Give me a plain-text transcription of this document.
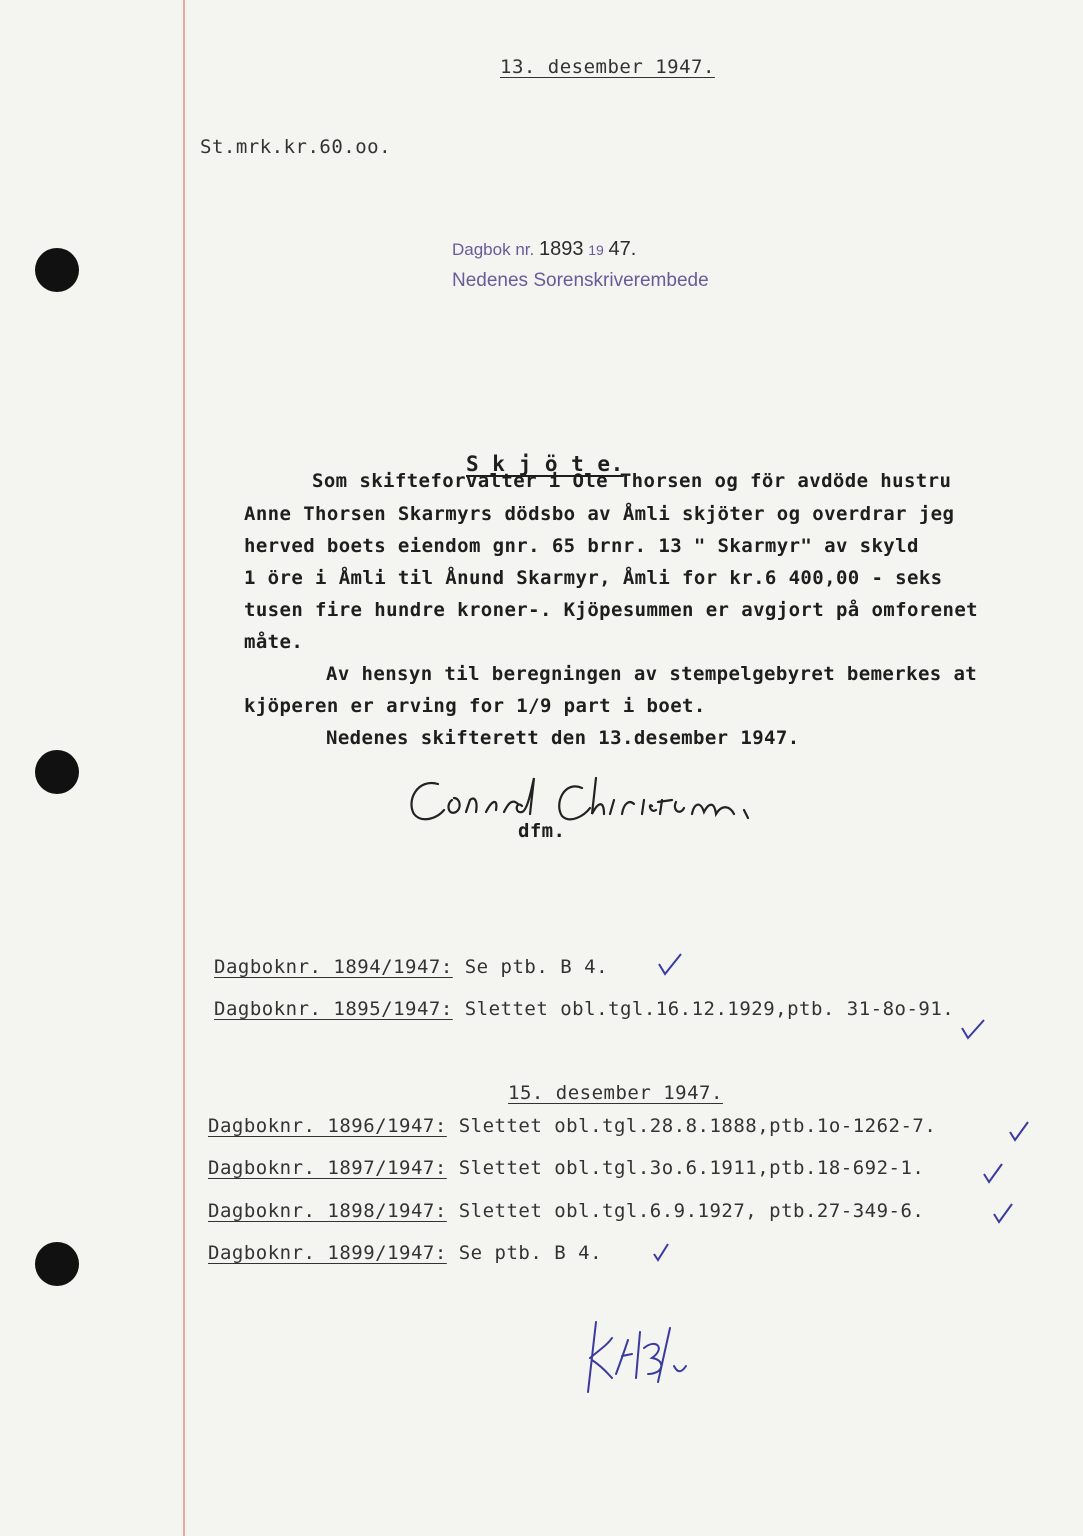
13. desember 1947.
St.mrk.kr.60.oo.
Dagbok nr. 1893 19 47.
Nedenes Sorenskriverembede
S k j ö t e.
Som skifteforvalter i Ole Thorsen og för avdöde hustru
Anne Thorsen Skarmyrs dödsbo av Åmli skjöter og overdrar jeg
herved boets eiendom gnr. 65 brnr. 13 " Skarmyr" av skyld
1 öre i Åmli til Ånund Skarmyr, Åmli for kr.6 400,00 - seks
tusen fire hundre kroner-. Kjöpesummen er avgjort på omforenet
måte.
Av hensyn til beregningen av stempelgebyret bemerkes at
kjöperen er arving for 1/9 part i boet.
Nedenes skifterett den 13.desember 1947.
dfm.
Dagboknr. 1894/1947: Se ptb. B 4.
Dagboknr. 1895/1947: Slettet obl.tgl.16.12.1929,ptb. 31-8o-91.
15. desember 1947.
Dagboknr. 1896/1947: Slettet obl.tgl.28.8.1888,ptb.1o-1262-7.
Dagboknr. 1897/1947: Slettet obl.tgl.3o.6.1911,ptb.18-692-1.
Dagboknr. 1898/1947: Slettet obl.tgl.6.9.1927, ptb.27-349-6.
Dagboknr. 1899/1947: Se ptb. B 4.
